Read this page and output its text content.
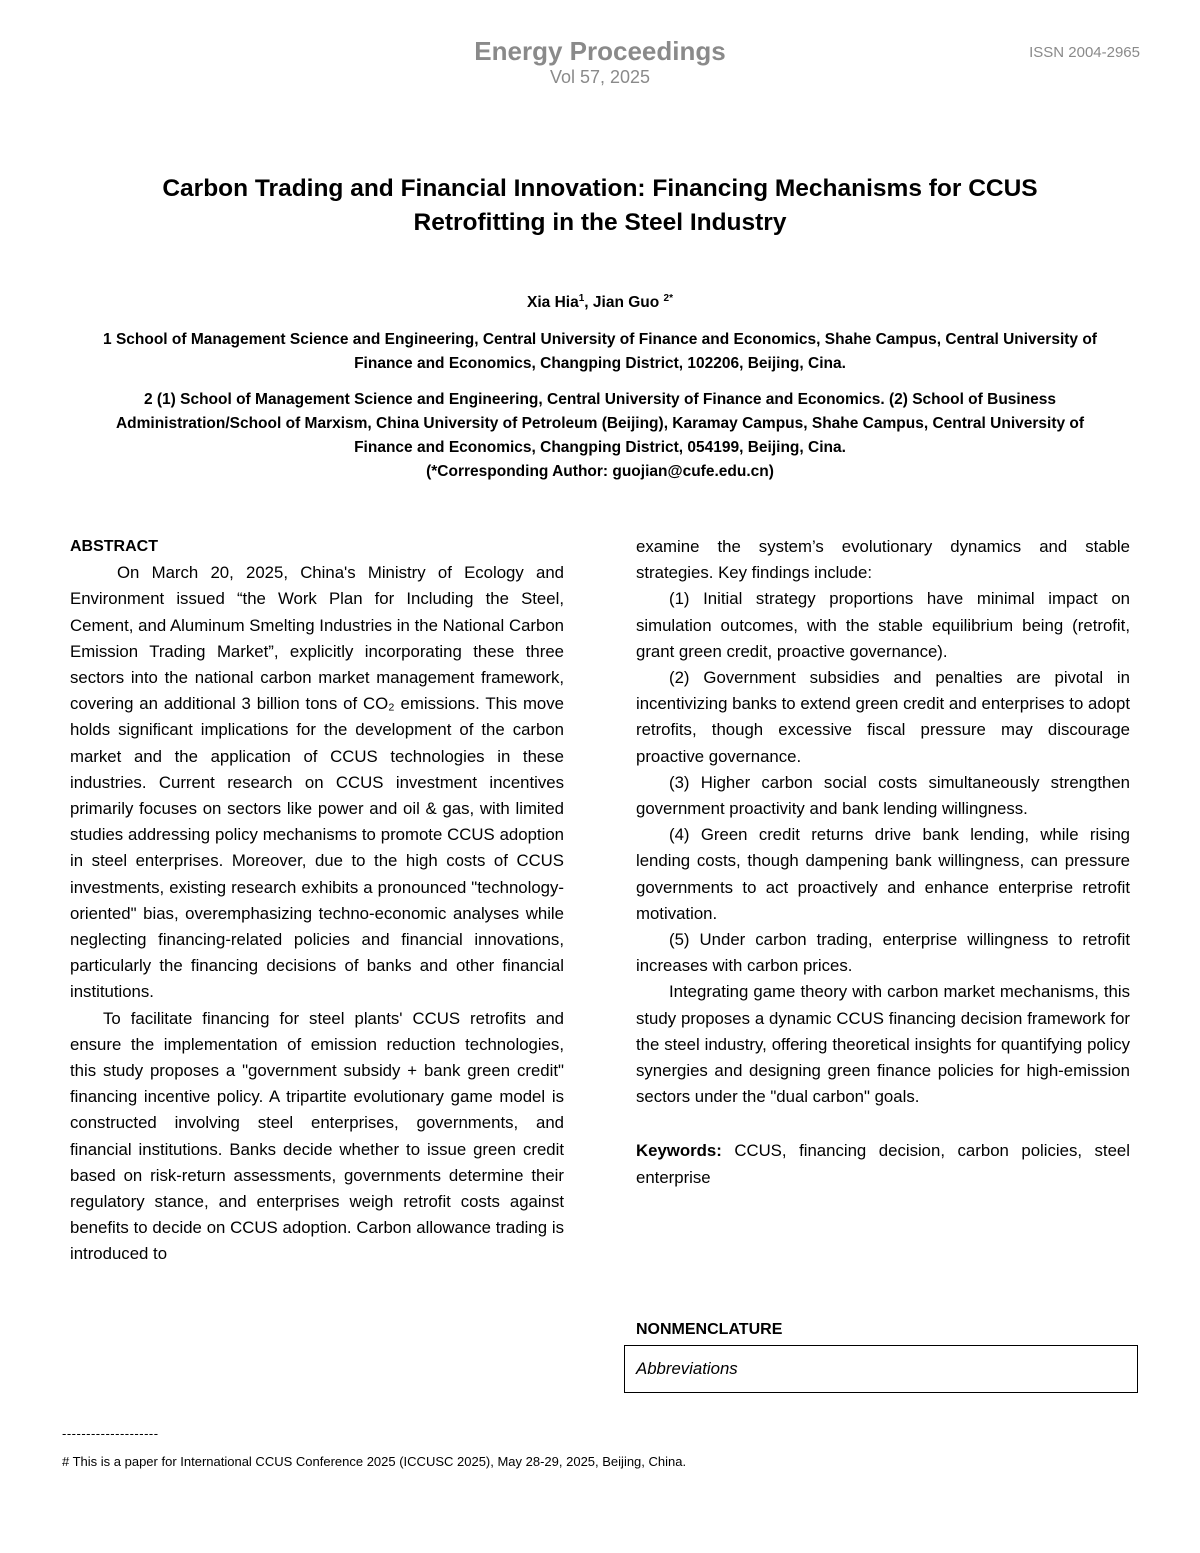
Energy Proceedings
Vol 57, 2025
ISSN 2004-2965
Carbon Trading and Financial Innovation: Financing Mechanisms for CCUS
Retrofitting in the Steel Industry
Xia Hia$^1$, Jian Guo $^{2*}$
1 School of Management Science and Engineering, Central University of Finance and Economics, Shahe Campus, Central University of
Finance and Economics, Changping District, 102206, Beijing, Cina.
2 (1) School of Management Science and Engineering, Central University of Finance and Economics. (2) School of Business
Administration/School of Marxism, China University of Petroleum (Beijing), Karamay Campus, Shahe Campus, Central University of
Finance and Economics, Changping District, 054199, Beijing, Cina.
(*Corresponding Author: guojian@cufe.edu.cn)
ABSTRACT

On March 20, 2025, China's Ministry of Ecology and Environment issued “the Work Plan for Including the Steel, Cement, and Aluminum Smelting Industries in the National Carbon Emission Trading Market”, explicitly incorporating these three sectors into the national carbon market management framework, covering an additional 3 billion tons of CO₂ emissions. This move holds significant implications for the development of the carbon market and the application of CCUS technologies in these industries. Current research on CCUS investment incentives primarily focuses on sectors like power and oil & gas, with limited studies addressing policy mechanisms to promote CCUS adoption in steel enterprises. Moreover, due to the high costs of CCUS investments, existing research exhibits a pronounced "technology-oriented" bias, overemphasizing techno-economic analyses while neglecting financing-related policies and financial innovations, particularly the financing decisions of banks and other financial institutions.

To facilitate financing for steel plants' CCUS retrofits and ensure the implementation of emission reduction technologies, this study proposes a "government subsidy + bank green credit" financing incentive policy. A tripartite evolutionary game model is constructed involving steel enterprises, governments, and financial institutions. Banks decide whether to issue green credit based on risk-return assessments, governments determine their regulatory stance, and enterprises weigh retrofit costs against benefits to decide on CCUS adoption. Carbon allowance trading is introduced to

examine the system’s evolutionary dynamics and stable strategies. Key findings include:

(1) Initial strategy proportions have minimal impact on simulation outcomes, with the stable equilibrium being (retrofit, grant green credit, proactive governance).

(2) Government subsidies and penalties are pivotal in incentivizing banks to extend green credit and enterprises to adopt retrofits, though excessive fiscal pressure may discourage proactive governance.

(3) Higher carbon social costs simultaneously strengthen government proactivity and bank lending willingness.

(4) Green credit returns drive bank lending, while rising lending costs, though dampening bank willingness, can pressure governments to act proactively and enhance enterprise retrofit motivation.

(5) Under carbon trading, enterprise willingness to retrofit increases with carbon prices.

Integrating game theory with carbon market mechanisms, this study proposes a dynamic CCUS financing decision framework for the steel industry, offering theoretical insights for quantifying policy synergies and designing green finance policies for high-emission sectors under the "dual carbon" goals.

Keywords: CCUS, financing decision, carbon policies, steel enterprise

NONMENCLATURE
Abbreviations
--------------------
# This is a paper for International CCUS Conference 2025 (ICCUSC 2025), May 28-29, 2025, Beijing, China.
